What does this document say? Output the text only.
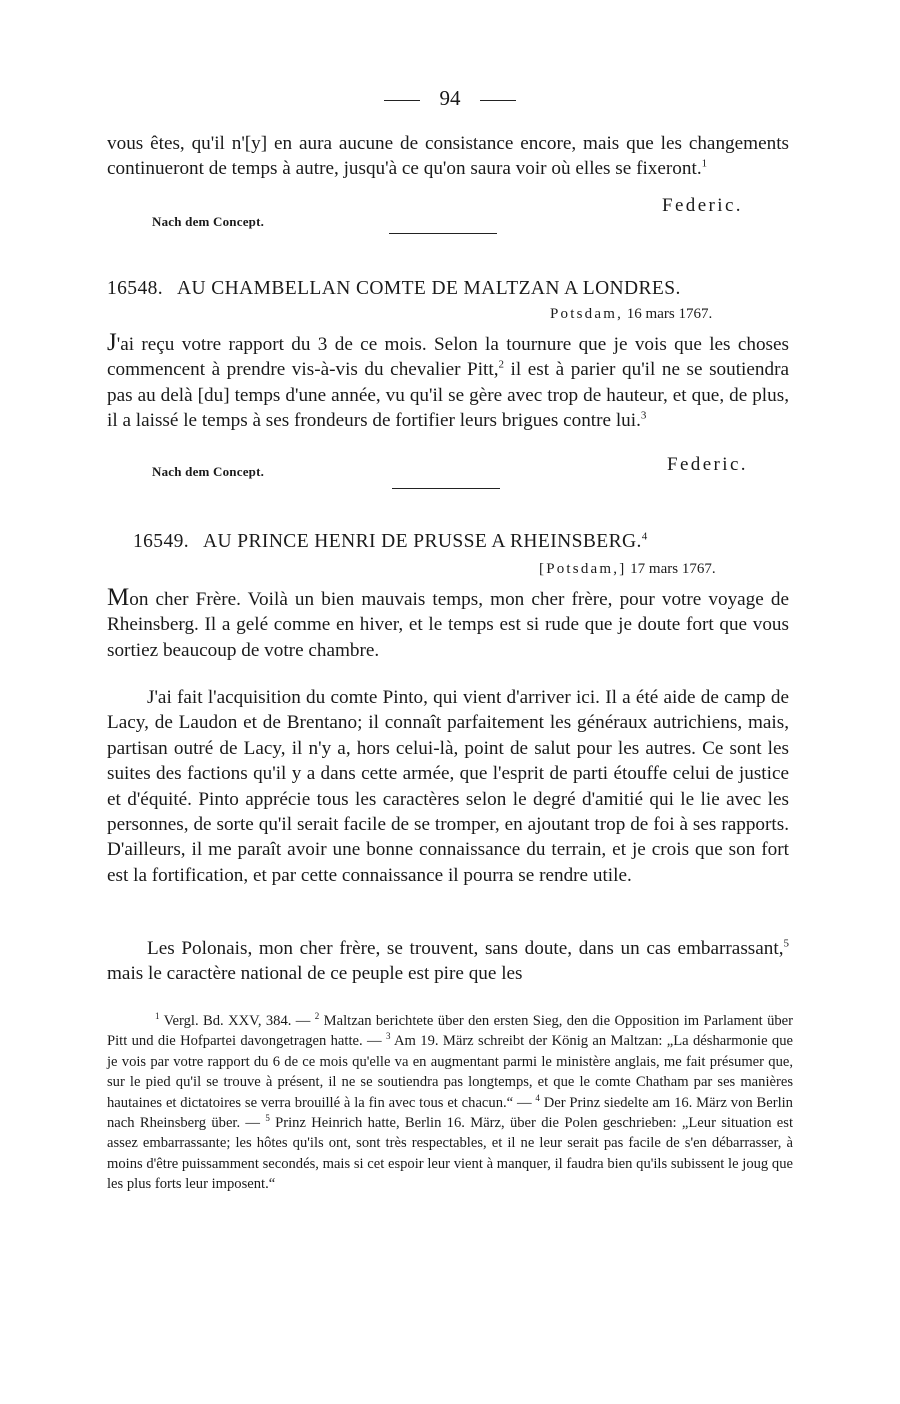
94

vous êtes, qu'il n'[y] en aura aucune de consistance encore, mais que les changements continueront de temps à autre, jusqu'à ce qu'on saura voir où elles se fixeront.$^1$

Nach dem Concept.
Federic.
16548. AU CHAMBELLAN COMTE DE MALTZAN A LONDRES.
Potsdam, 16 mars 1767.

J'ai reçu votre rapport du 3 de ce mois. Selon la tournure que je vois que les choses commencent à prendre vis-à-vis du chevalier Pitt,$^2$ il est à parier qu'il ne se soutiendra pas au delà [du] temps d'une année, vu qu'il se gère avec trop de hauteur, et que, de plus, il a laissé le temps à ses frondeurs de fortifier leurs brigues contre lui.$^3$

Nach dem Concept.	Federic.
16549. AU PRINCE HENRI DE PRUSSE A RHEINSBERG.$^4$
[Potsdam,] 17 mars 1767.

Mon cher Frère. Voilà un bien mauvais temps, mon cher frère, pour votre voyage de Rheinsberg. Il a gelé comme en hiver, et le temps est si rude que je doute fort que vous sortiez beaucoup de votre chambre.

J'ai fait l'acquisition du comte Pinto, qui vient d'arriver ici. Il a été aide de camp de Lacy, de Laudon et de Brentano; il connaît parfaitement les généraux autrichiens, mais, partisan outré de Lacy, il n'y a, hors celui-là, point de salut pour les autres. Ce sont les suites des factions qu'il y a dans cette armée, que l'esprit de parti étouffe celui de justice et d'équité. Pinto apprécie tous les caractères selon le degré d'amitié qui le lie avec les personnes, de sorte qu'il serait facile de se tromper, en ajoutant trop de foi à ses rapports. D'ailleurs, il me paraît avoir une bonne connaissance du terrain, et je crois que son fort est la fortification, et par cette connaissance il pourra se rendre utile.

Les Polonais, mon cher frère, se trouvent, sans doute, dans un cas embarrassant,$^5$ mais le caractère national de ce peuple est pire que les

$^1$ Vergl. Bd. XXV, 384. — $^2$ Maltzan berichtete über den ersten Sieg, den die Opposition im Parlament über Pitt und die Hofpartei davongetragen hatte. — $^3$ Am 19. März schreibt der König an Maltzan: „La désharmonie que je vois par votre rapport du 6 de ce mois qu'elle va en augmentant parmi le ministère anglais, me fait présumer que, sur le pied qu'il se trouve à présent, il ne se soutiendra pas longtemps, et que le comte Chatham par ses manières hautaines et dictatoires se verra brouillé à la fin avec tous et chacun.“ — $^4$ Der Prinz siedelte am 16. März von Berlin nach Rheinsberg über. — $^5$ Prinz Heinrich hatte, Berlin 16. März, über die Polen geschrieben: „Leur situation est assez embarrassante; les hôtes qu'ils ont, sont très respectables, et il ne leur serait pas facile de s'en débarrasser, à moins d'être puissamment secondés, mais si cet espoir leur vient à manquer, il faudra bien qu'ils subissent le joug que les plus forts leur imposent.“
